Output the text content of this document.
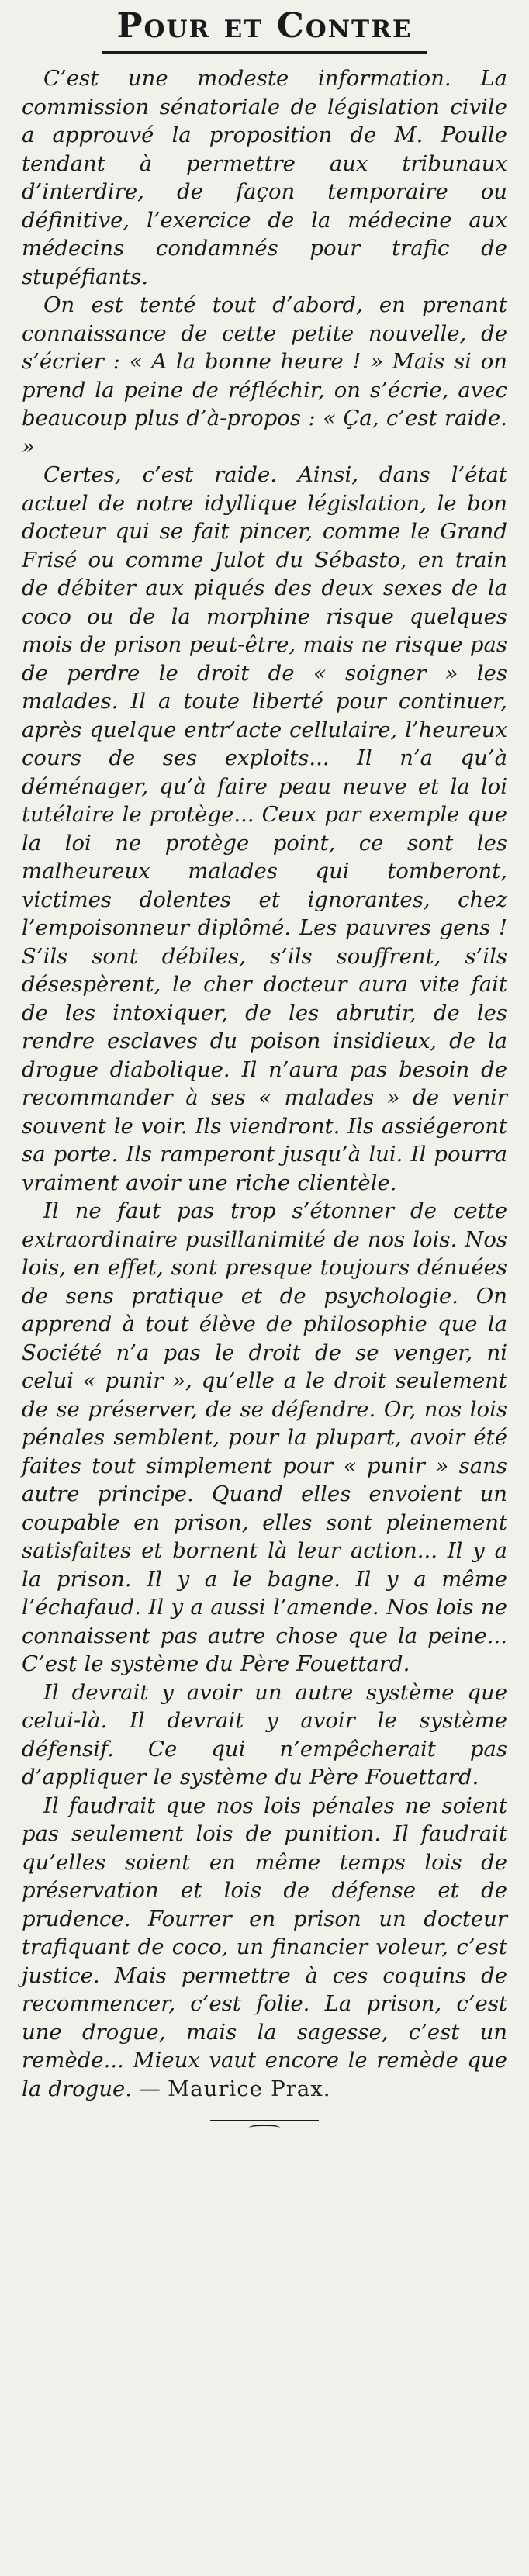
Pour et Contre

C’est une modeste information. La commission sénatoriale de législation civile a approuvé la proposition de M. Poulle tendant à permettre aux tribunaux d’interdire, de façon temporaire ou définitive, l’exercice de la médecine aux médecins condamnés pour trafic de stupéfiants.

On est tenté tout d’abord, en prenant connaissance de cette petite nouvelle, de s’écrier : « A la bonne heure ! » Mais si on prend la peine de réfléchir, on s’écrie, avec beaucoup plus d’à-propos : « Ça, c’est raide. »

Certes, c’est raide. Ainsi, dans l’état actuel de notre idyllique législation, le bon docteur qui se fait pincer, comme le Grand Frisé ou comme Julot du Sébasto, en train de débiter aux piqués des deux sexes de la coco ou de la morphine risque quelques mois de prison peut-être, mais ne risque pas de perdre le droit de « soigner » les malades. Il a toute liberté pour continuer, après quelque entr’acte cellulaire, l’heureux cours de ses exploits... Il n’a qu’à déménager, qu’à faire peau neuve et la loi tutélaire le protège... Ceux par exemple que la loi ne protège point, ce sont les malheureux malades qui tomberont, victimes dolentes et ignorantes, chez l’empoisonneur diplômé. Les pauvres gens ! S’ils sont débiles, s’ils souffrent, s’ils désespèrent, le cher docteur aura vite fait de les intoxiquer, de les abrutir, de les rendre esclaves du poison insidieux, de la drogue diabolique. Il n’aura pas besoin de recommander à ses « malades » de venir souvent le voir. Ils viendront. Ils assiégeront sa porte. Ils ramperont jusqu’à lui. Il pourra vraiment avoir une riche clientèle.

Il ne faut pas trop s’étonner de cette extraordinaire pusillanimité de nos lois. Nos lois, en effet, sont presque toujours dénuées de sens pratique et de psychologie. On apprend à tout élève de philosophie que la Société n’a pas le droit de se venger, ni celui « punir », qu’elle a le droit seulement de se préserver, de se défendre. Or, nos lois pénales semblent, pour la plupart, avoir été faites tout simplement pour « punir » sans autre principe. Quand elles envoient un coupable en prison, elles sont pleinement satisfaites et bornent là leur action... Il y a la prison. Il y a le bagne. Il y a même l’échafaud. Il y a aussi l’amende. Nos lois ne connaissent pas autre chose que la peine... C’est le système du Père Fouettard.

Il devrait y avoir un autre système que celui-là. Il devrait y avoir le système défensif. Ce qui n’empêcherait pas d’appliquer le système du Père Fouettard.

Il faudrait que nos lois pénales ne soient pas seulement lois de punition. Il faudrait qu’elles soient en même temps lois de préservation et lois de défense et de prudence. Fourrer en prison un docteur trafiquant de coco, un financier voleur, c’est justice. Mais permettre à ces coquins de recommencer, c’est folie. La prison, c’est une drogue, mais la sagesse, c’est un remède... Mieux vaut encore le remède que la drogue. — Maurice Prax.
